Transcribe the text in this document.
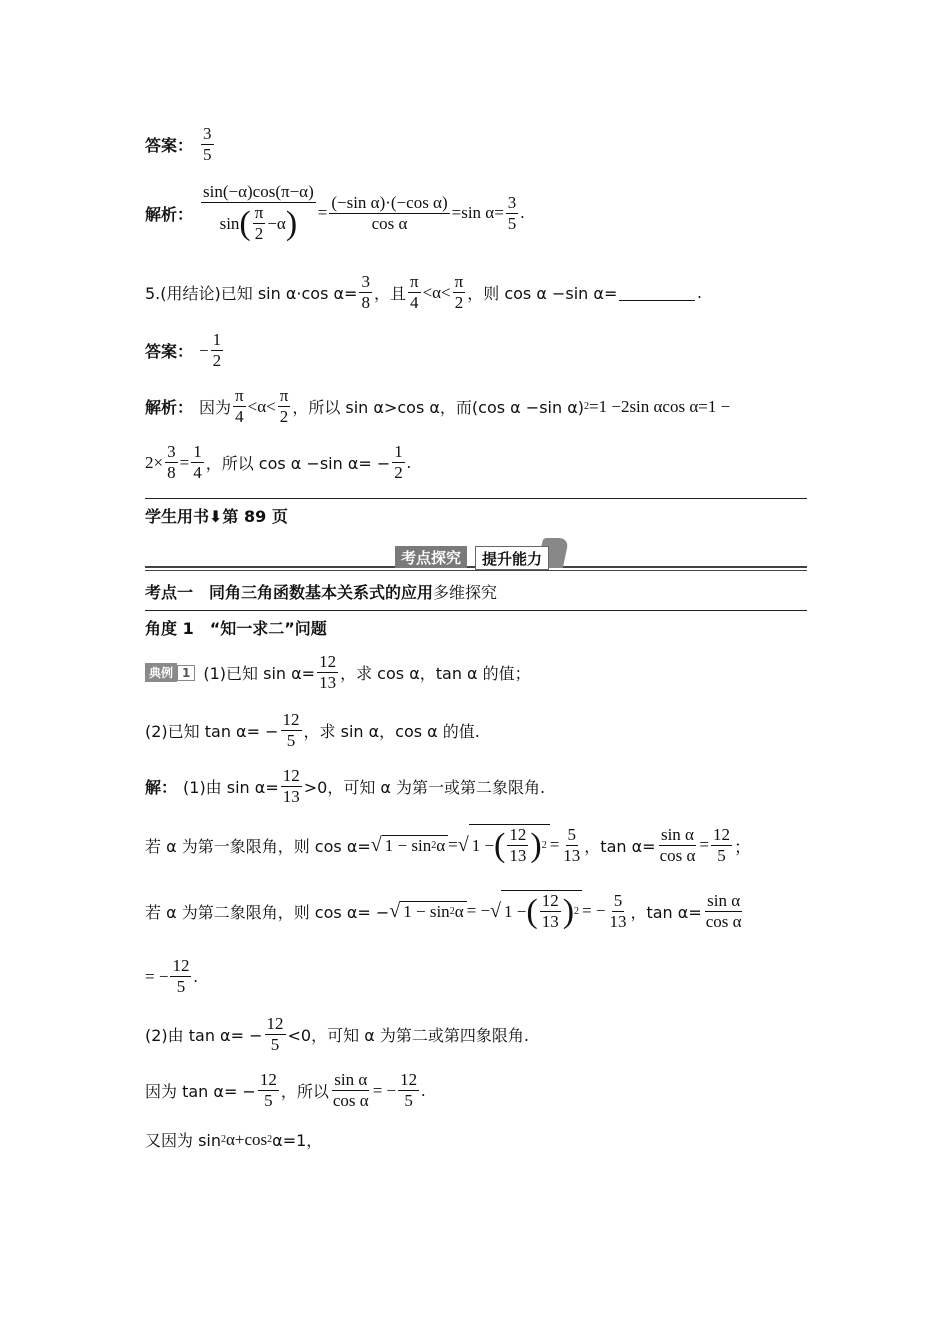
答案： $\frac{3}{5}$
解析： $\frac{\sin(-\alpha)\cos(\pi-\alpha)}{\sin ( \frac{\pi}{2} -\alpha )} = \frac{\text{(−sin α)·(−cos α)}}{\text{cos α}} =\sin$ $\alpha= \frac{3}{5}$ .
5.(用结论)已知 sin α·cos $\alpha= \frac{3}{8}$ ，且 $\frac{\pi}{4} <\alpha< \frac{\pi}{2}$ ，则 cos α −sin α=	.
答案： − $\frac{1}{2}$
解析： 因为 $\frac{\pi}{4} <\alpha< \frac{\pi}{2}$ ，所以 sin α>cos α，而(cos α −sin α) 2 =1 −2sin αcos α=1 −
$2\times \frac{3}{8} = \frac{1}{4}$ ，所以 cos α −sin $\alpha= - \frac{1}{2}$ .
学生用书⬇第 89 页
考点探究	提升能力
考点一　同角三角函数基本关系式的应用 多维探究
角度 1　“知一求二”问题
典例 1 (1)已知 $\sin \alpha= \frac{12}{13}$ ，求 cos α，tan α 的值；
(2)已知 $\tan \alpha= - \frac{12}{5}$ ，求 sin α，cos α 的值.
解： (1)由 $\sin \alpha= \frac{12}{13} >0$，可知 α 为第一或第二象限角.
若 α 为第一象限角，则 cos α= √ 1 − sin 2 α = √ 1 − ( $\frac{12}{13}$ ) $2 = \frac{5}{13}$ ，$\tan \alpha= \frac{\text{sin α}}{\text{cos α}} = \frac{12}{5}$ ；
若 α 为第二象限角，则 cos α= − √ 1 − sin 2 α = − √ 1 − ( $\frac{12}{13}$ ) 2 = − $\frac{5}{13}$ ，$\tan \alpha= \frac{\text{sin α}}{\text{cos α}}$
= − $\frac{12}{5}$ .
(2)由 $\tan \alpha= - \frac{12}{5} <0$，可知 α 为第二或第四象限角.
因为 $\tan \alpha= - \frac{12}{5}$ ，所以 $\frac{\text{sin α}}{\text{cos α}}$ = − $\frac{12}{5}$ .
又因为 sin 2 α+cos 2 α=1，
